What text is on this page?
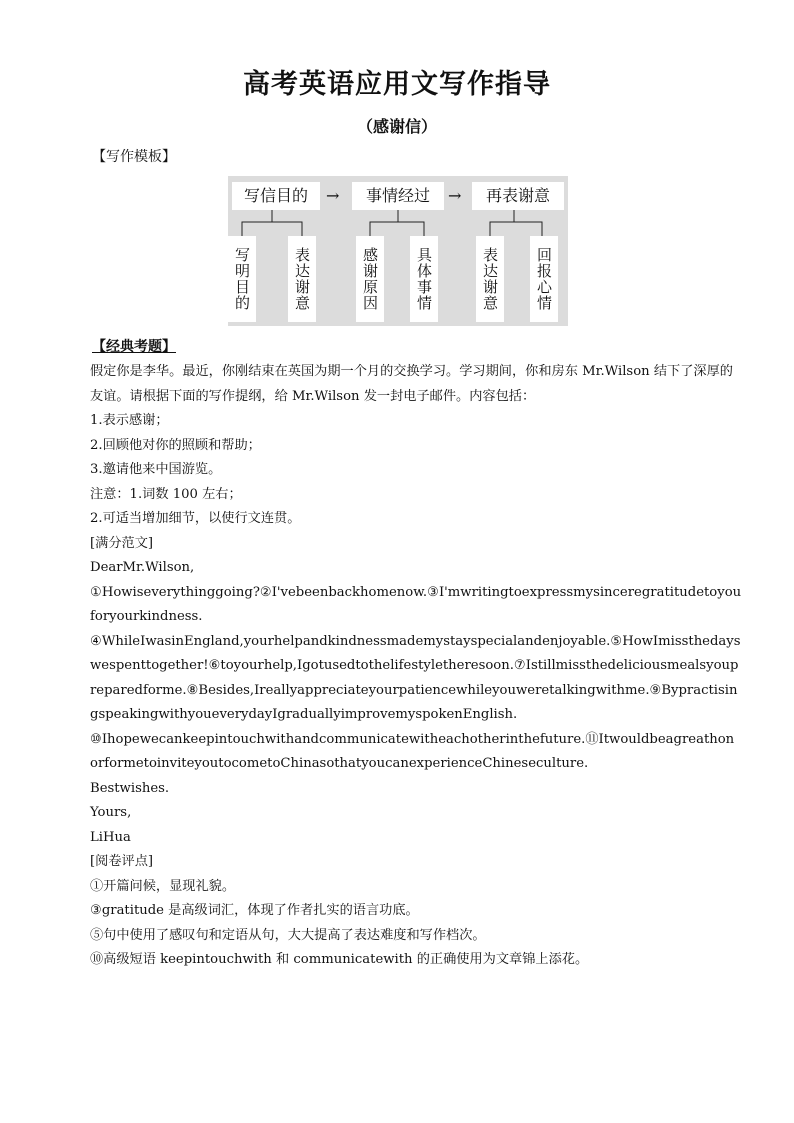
高考英语应用文写作指导
（感谢信）
【写作模板】
写信目的	→	事情经过	→	再表谢意
写明目的	表达谢意	感谢原因	具体事情	表达谢意	回报心情
【经典考题】

假定你是李华。最近，你刚结束在英国为期一个月的交换学习。学习期间，你和房东 Mr.Wilson 结下了深厚的友谊。请根据下面的写作提纲，给 Mr.Wilson 发一封电子邮件。内容包括：

1.表示感谢；

2.回顾他对你的照顾和帮助；

3.邀请他来中国游览。

注意：1.词数 100 左右；

2.可适当增加细节，以使行文连贯。

[满分范文]

DearMr.Wilson,

①Howiseverythinggoing?②I'vebeenbackhomenow.③I'mwritingtoexpressmysinceregratitudetoyouforyourkindness.

④WhileIwasinEngland,yourhelpandkindnessmademystayspecialandenjoyable.⑤HowImissthedayswespenttogether!⑥toyourhelp,Igotusedtothelifestyletheresoon.⑦Istillmissthedeliciousmealsyoupreparedforme.⑧Besides,Ireallyappreciateyourpatiencewhileyouweretalkingwithme.⑨BypractisingspeakingwithyoueverydayIgraduallyimprovemyspokenEnglish.

⑩Ihopewecankeepintouchwithandcommunicatewitheachotherinthefuture.⑪ItwouldbeagreathonorformetoinviteyoutocometoChinasothatyoucanexperienceChineseculture.

Bestwishes.

Yours,

LiHua

[阅卷评点]

①开篇问候，显现礼貌。

③gratitude 是高级词汇，体现了作者扎实的语言功底。

⑤句中使用了感叹句和定语从句，大大提高了表达难度和写作档次。

⑩高级短语 keepintouchwith 和 communicatewith 的正确使用为文章锦上添花。
